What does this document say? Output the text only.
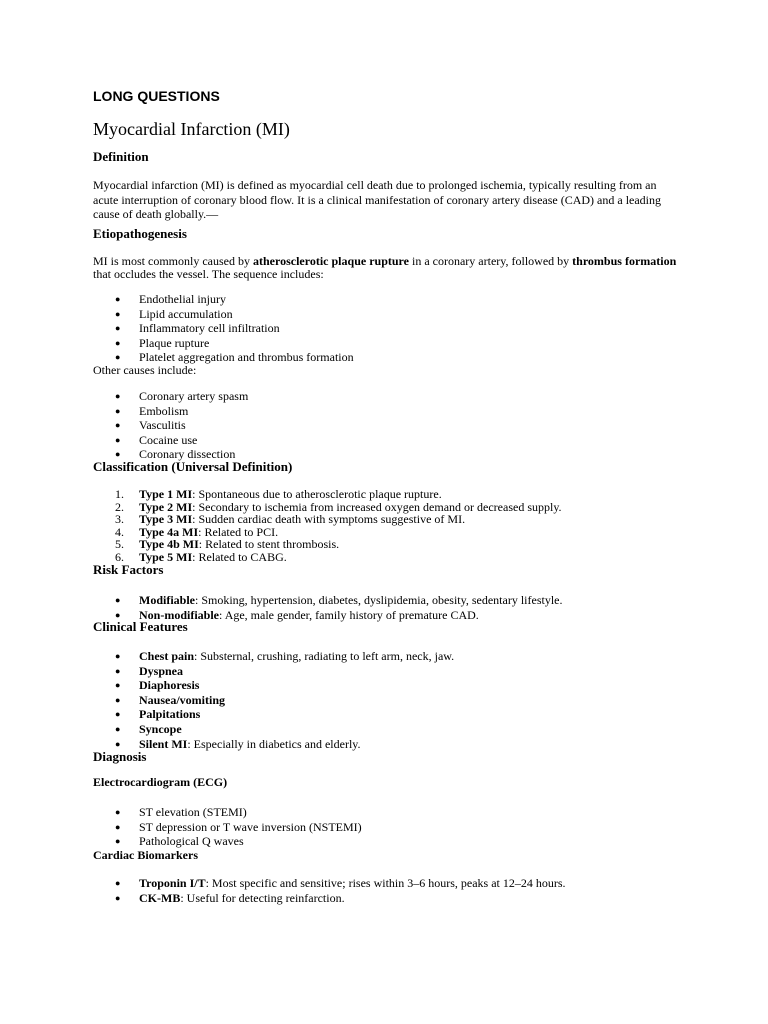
LONG QUESTIONS
Myocardial Infarction (MI)
Definition
Myocardial infarction (MI) is defined as myocardial cell death due to prolonged ischemia, typically resulting from an acute interruption of coronary blood flow. It is a clinical manifestation of coronary artery disease (CAD) and a leading cause of death globally.—
Etiopathogenesis
MI is most commonly caused by atherosclerotic plaque rupture in a coronary artery, followed by thrombus formation
that occludes the vessel. The sequence includes:
● Endothelial injury
● Lipid accumulation
● Inflammatory cell infiltration
● Plaque rupture
● Platelet aggregation and thrombus formation
Other causes include:
● Coronary artery spasm
● Embolism
● Vasculitis
● Cocaine use
● Coronary dissection
Classification (Universal Definition)
1. Type 1 MI: Spontaneous due to atherosclerotic plaque rupture.
2. Type 2 MI: Secondary to ischemia from increased oxygen demand or decreased supply.
3. Type 3 MI: Sudden cardiac death with symptoms suggestive of MI.
4. Type 4a MI: Related to PCI.
5. Type 4b MI: Related to stent thrombosis.
6. Type 5 MI: Related to CABG.
Risk Factors
● Modifiable: Smoking, hypertension, diabetes, dyslipidemia, obesity, sedentary lifestyle.
● Non-modifiable: Age, male gender, family history of premature CAD.
Clinical Features
● Chest pain: Substernal, crushing, radiating to left arm, neck, jaw.
● Dyspnea
● Diaphoresis
● Nausea/vomiting
● Palpitations
● Syncope
● Silent MI: Especially in diabetics and elderly.
Diagnosis
Electrocardiogram (ECG)
● ST elevation (STEMI)
● ST depression or T wave inversion (NSTEMI)
● Pathological Q waves
Cardiac Biomarkers
● Troponin I/T: Most specific and sensitive; rises within 3–6 hours, peaks at 12–24 hours.
● CK-MB: Useful for detecting reinfarction.
